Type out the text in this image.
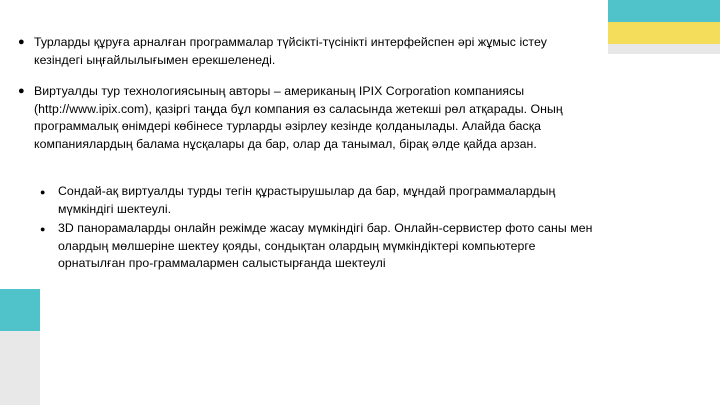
● Турларды құруға арналған программалар түйсікті-түсінікті интерфейспен әрі жұмыс істеу кезіндегі ыңғайлылығымен ерекшеленеді.
● Виртуалды тур технологиясының авторы – американың IPIX Corporation компаниясы (http://www.ipix.com), қазіргі таңда бұл компания өз саласында жетекші рөл атқарады. Оның программалық өнімдері көбінесе турларды әзірлеу кезінде қолданылады. Алайда басқа компаниялардың балама нұсқалары да бар, олар да танымал, бірақ әлде қайда арзан.
●	Сондай-ақ виртуалды турды тегін құрастырушылар да бар, мұндай программалардың мүмкіндігі шектеулі.
●	3D панорамаларды онлайн режімде жасау мүмкіндігі бар. Онлайн-сервистер фото саны мен олардың мөлшеріне шектеу қояды, сондықтан олардың мүмкіндіктері компьютерге орнатылған про-граммалармен салыстырғанда шектеулі
